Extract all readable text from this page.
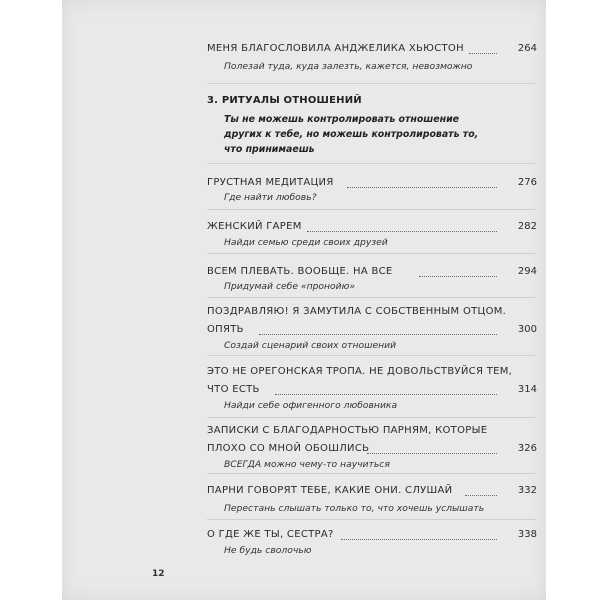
МЕНЯ БЛАГОСЛОВИЛА АНДЖЕЛИКА ХЬЮСТОН	264
Полезай туда, куда залезть, кажется, невозможно
3. РИТУАЛЫ ОТНОШЕНИЙ
Ты не можешь контролировать отношение
других к тебе, но можешь контролировать то,
что принимаешь
ГРУСТНАЯ МЕДИТАЦИЯ	276
Где найти любовь?
ЖЕНСКИЙ ГАРЕМ	282
Найди семью среди своих друзей
ВСЕМ ПЛЕВАТЬ. ВООБЩЕ. НА ВСЕ	294
Придумай себе «пронойю»
ПОЗДРАВЛЯЮ! Я ЗАМУТИЛА С СОБСТВЕННЫМ ОТЦОМ.
ОПЯТЬ	300
Создай сценарий своих отношений
ЭТО НЕ ОРЕГОНСКАЯ ТРОПА. НЕ ДОВОЛЬСТВУЙСЯ ТЕМ,
ЧТО ЕСТЬ	314
Найди себе офигенного любовника
ЗАПИСКИ С БЛАГОДАРНОСТЬЮ ПАРНЯМ, КОТОРЫЕ
ПЛОХО СО МНОЙ ОБОШЛИСЬ	326
ВСЕГДА можно чему-то научиться
ПАРНИ ГОВОРЯТ ТЕБЕ, КАКИЕ ОНИ. СЛУШАЙ	332
Перестань слышать только то, что хочешь услышать
О ГДЕ ЖЕ ТЫ, СЕСТРА?	338
Не будь сволочью
12
